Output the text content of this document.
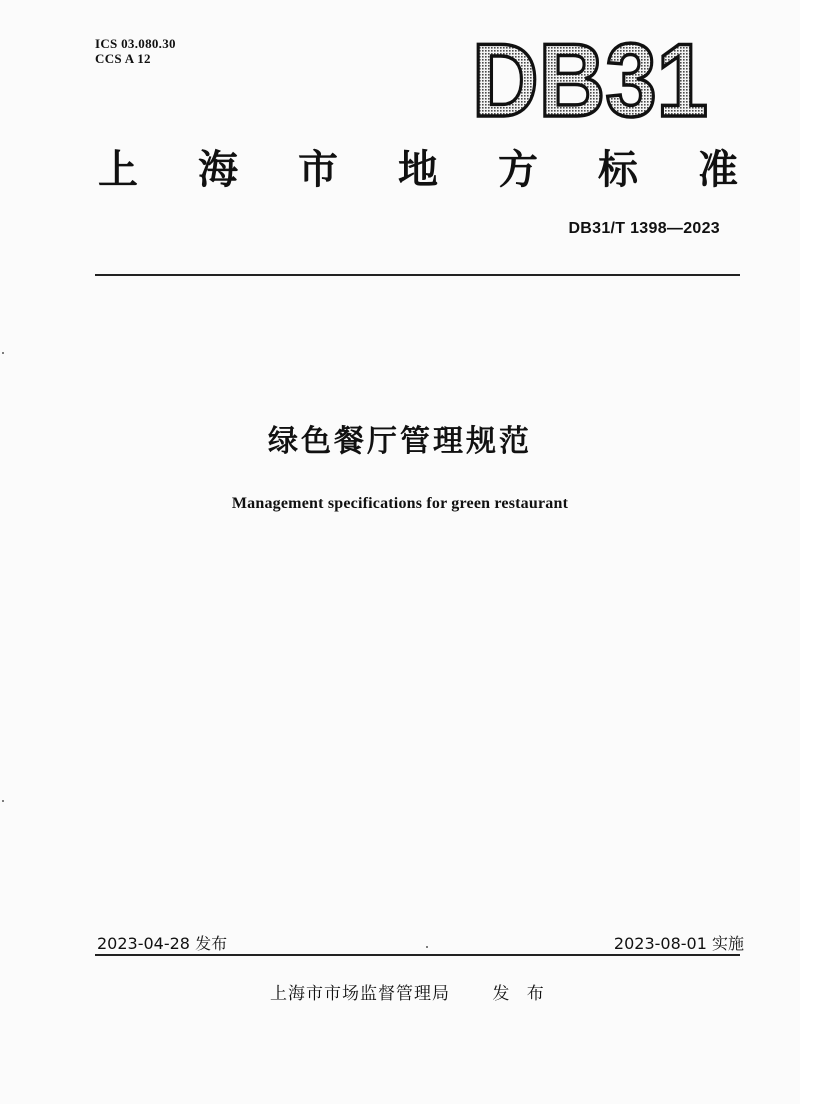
ICS 03.080.30
CCS A 12	DB31
上 海 市 地 方 标 准
DB31/T 1398—2023
绿色餐厅管理规范
Management specifications for green restaurant
2023-04-28 发布	2023-08-01 实施
上海市市场监督管理局 发 布
